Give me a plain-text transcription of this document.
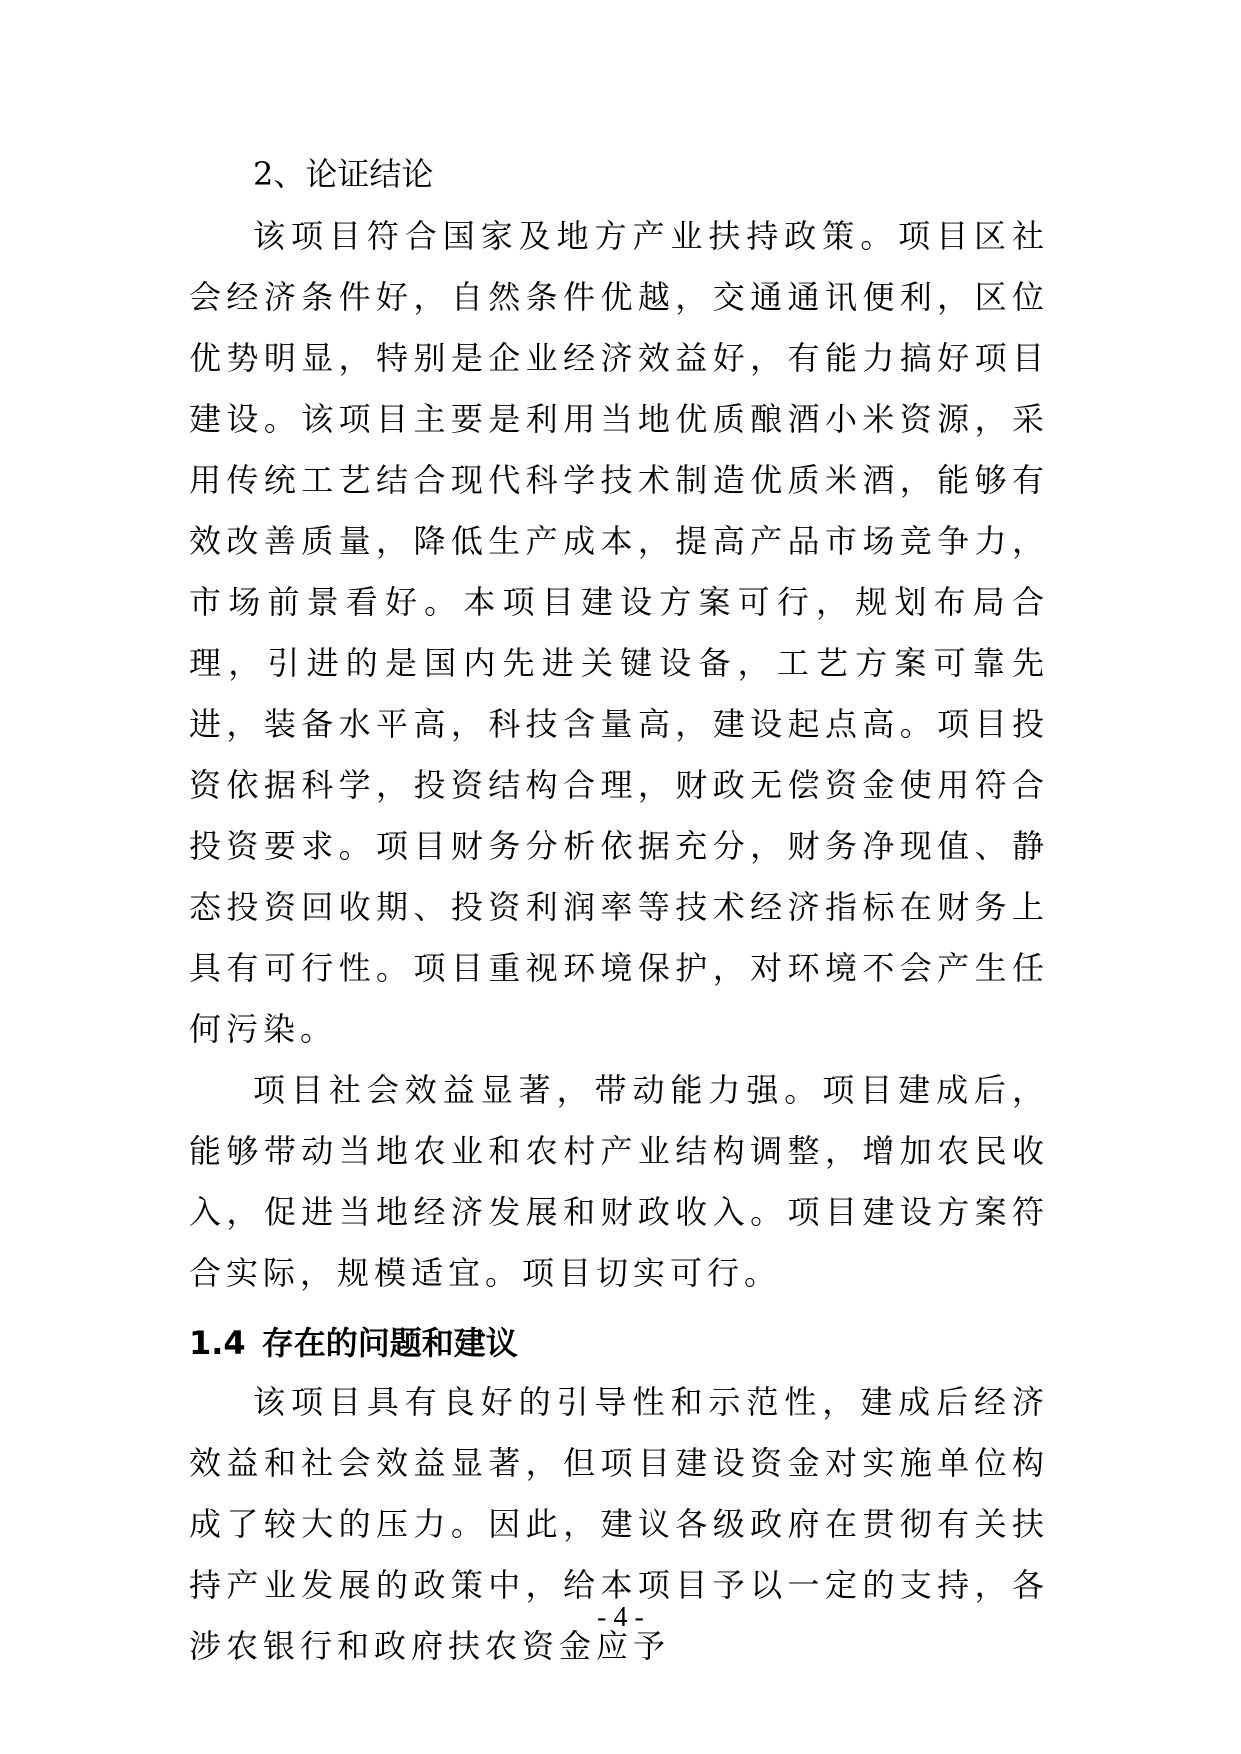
2、论证结论

该项目符合国家及地方产业扶持政策。项目区社会经济条件好，自然条件优越，交通通讯便利，区位优势明显，特别是企业经济效益好，有能力搞好项目建设。该项目主要是利用当地优质酿酒小米资源，采用传统工艺结合现代科学技术制造优质米酒，能够有效改善质量，降低生产成本，提高产品市场竞争力，市场前景看好。本项目建设方案可行，规划布局合理，引进的是国内先进关键设备，工艺方案可靠先进，装备水平高，科技含量高，建设起点高。项目投资依据科学，投资结构合理，财政无偿资金使用符合投资要求。项目财务分析依据充分，财务净现值、静态投资回收期、投资利润率等技术经济指标在财务上具有可行性。项目重视环境保护，对环境不会产生任何污染。

项目社会效益显著，带动能力强。项目建成后，能够带动当地农业和农村产业结构调整，增加农民收入，促进当地经济发展和财政收入。项目建设方案符合实际，规模适宜。项目切实可行。

1.4 存在的问题和建议

该项目具有良好的引导性和示范性，建成后经济效益和社会效益显著，但项目建设资金对实施单位构成了较大的压力。因此，建议各级政府在贯彻有关扶持产业发展的政策中，给本项目予以一定的支持，各涉农银行和政府扶农资金应予

- 4 -
